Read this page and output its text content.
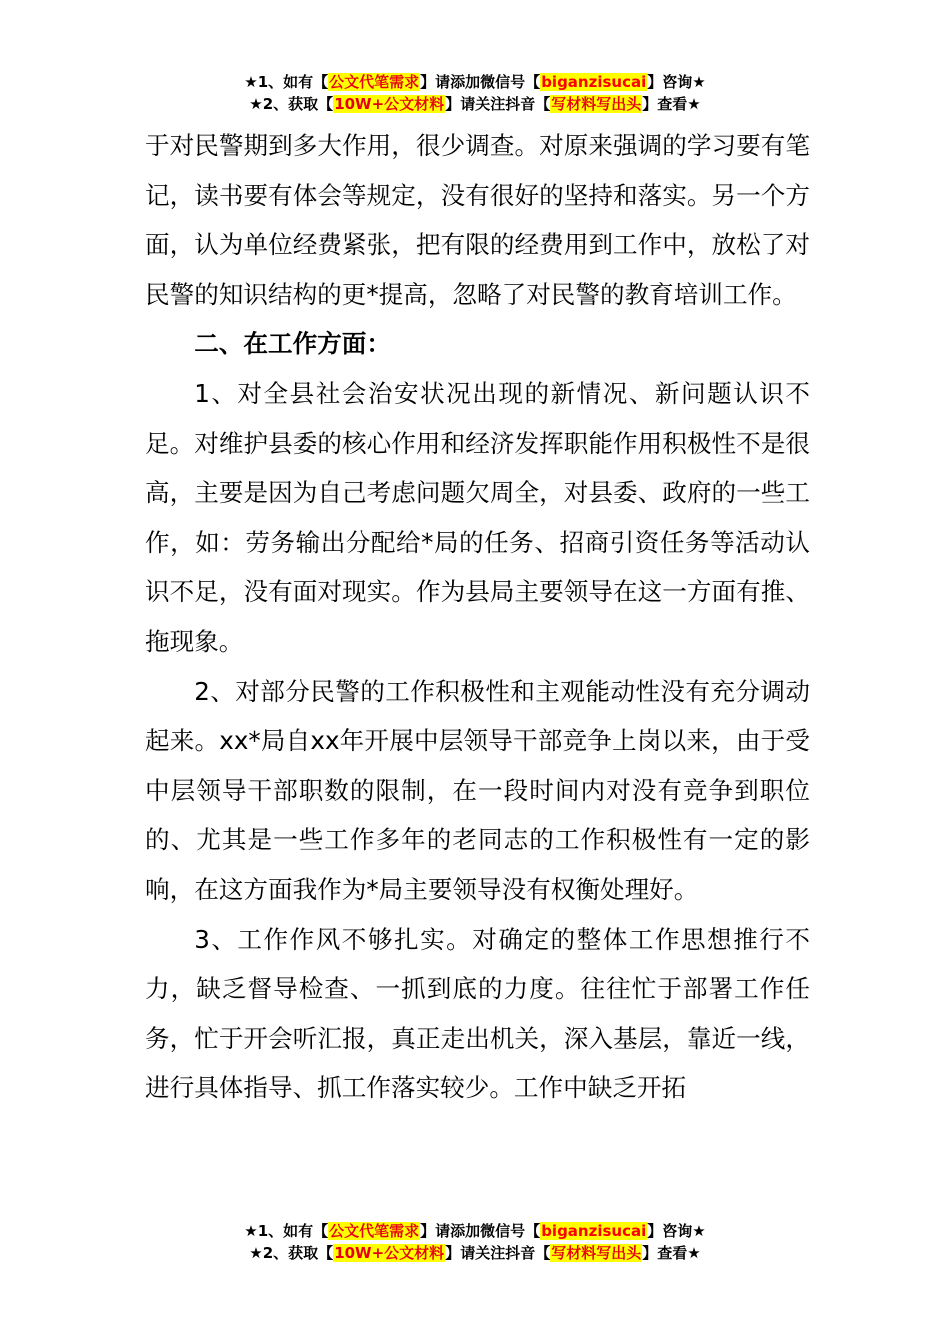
★1、如有【公文代笔需求】请添加微信号【biganzisucai】咨询★
★2、获取【10W+公文材料】请关注抖音【写材料写出头】查看★

于对民警期到多大作用，很少调查。对原来强调的学习要有笔记，读书要有体会等规定，没有很好的坚持和落实。另一个方面，认为单位经费紧张，把有限的经费用到工作中，放松了对民警的知识结构的更*提高，忽略了对民警的教育培训工作。

二、在工作方面：

1、对全县社会治安状况出现的新情况、新问题认识不足。对维护县委的核心作用和经济发挥职能作用积极性不是很高，主要是因为自己考虑问题欠周全，对县委、政府的一些工作，如：劳务输出分配给*局的任务、招商引资任务等活动认识不足，没有面对现实。作为县局主要领导在这一方面有推、拖现象。

2、对部分民警的工作积极性和主观能动性没有充分调动起来。xx*局自xx年开展中层领导干部竞争上岗以来，由于受中层领导干部职数的限制，在一段时间内对没有竞争到职位的、尤其是一些工作多年的老同志的工作积极性有一定的影响，在这方面我作为*局主要领导没有权衡处理好。

3、工作作风不够扎实。对确定的整体工作思想推行不力，缺乏督导检查、一抓到底的力度。往往忙于部署工作任务，忙于开会听汇报，真正走出机关，深入基层，靠近一线，进行具体指导、抓工作落实较少。工作中缺乏开拓

★1、如有【公文代笔需求】请添加微信号【biganzisucai】咨询★
★2、获取【10W+公文材料】请关注抖音【写材料写出头】查看★
